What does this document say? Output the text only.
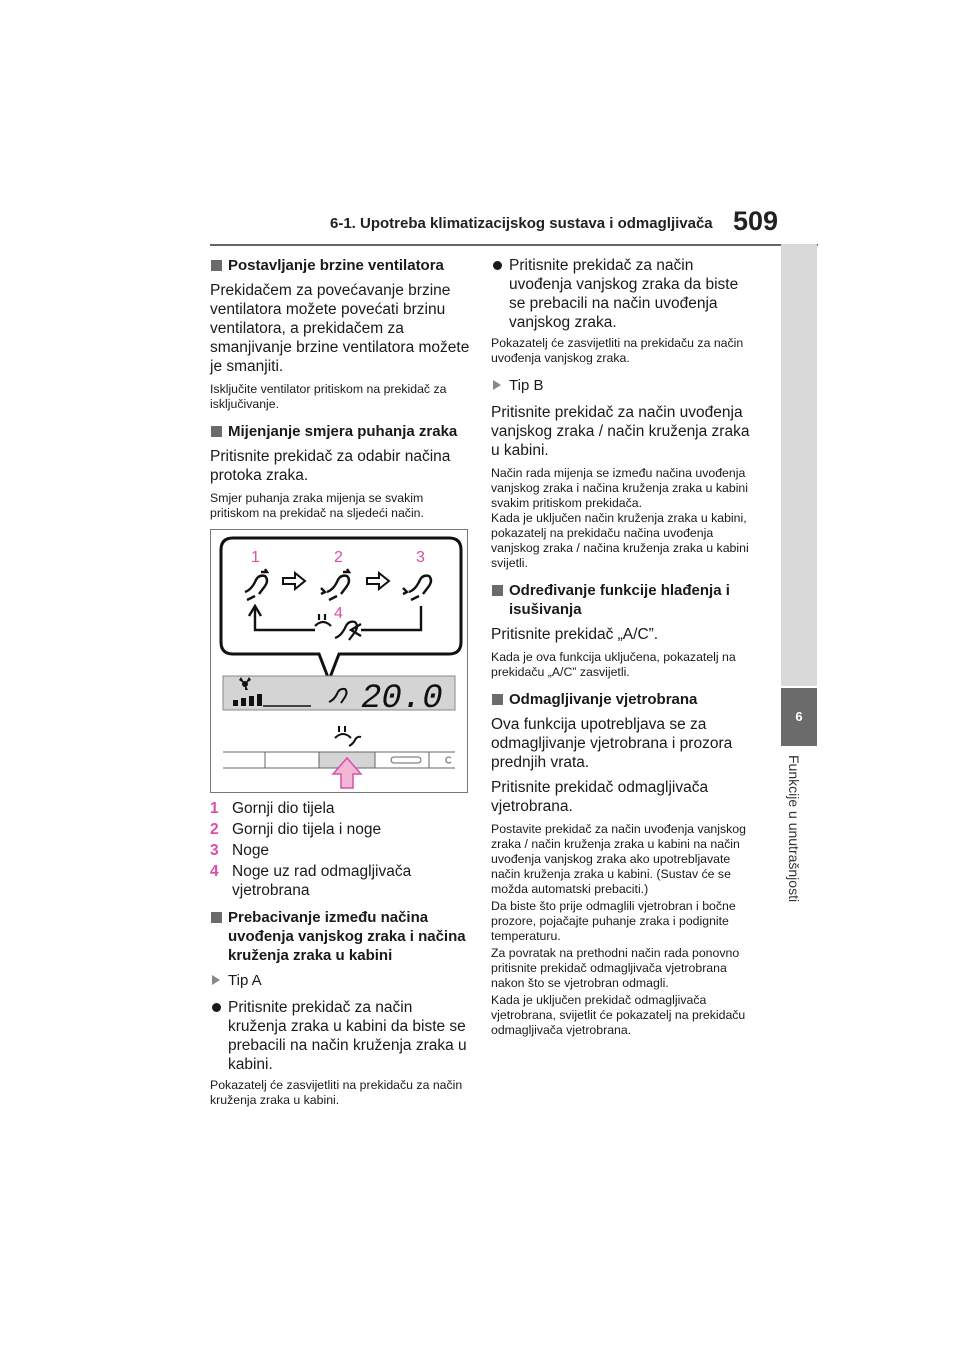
6-1. Upotreba klimatizacijskog sustava i odmagljivača 509
6
Funkcije u unutrašnjosti
Postavljanje brzine ventilatora
Prekidačem za povećavanje brzine ventilatora možete povećati brzinu ventilatora, a prekidačem za smanjivanje brzine ventilatora možete je smanjiti.
Isključite ventilator pritiskom na prekidač za isključivanje.
Mijenjanje smjera puhanja zraka
Pritisnite prekidač za odabir načina protoka zraka.
Smjer puhanja zraka mijenja se svakim pritiskom na prekidač na sljedeći način.
1	2	3
4
20.0
1 Gornji dio tijela
2 Gornji dio tijela i noge
3 Noge
4 Noge uz rad odmagljivača vjetrobrana
Prebacivanje između načina uvođenja vanjskog zraka i načina kruženja zraka u kabini
Tip A
Pritisnite prekidač za način kruženja zraka u kabini da biste se prebacili na način kruženja zraka u kabini.
Pokazatelj će zasvijetliti na prekidaču za način kruženja zraka u kabini.
Pritisnite prekidač za način uvođenja vanjskog zraka da biste se prebacili na način uvođenja vanjskog zraka.
Pokazatelj će zasvijetliti na prekidaču za način uvođenja vanjskog zraka.
Tip B
Pritisnite prekidač za način uvođenja vanjskog zraka / način kruženja zraka u kabini.
Način rada mijenja se između načina uvođenja vanjskog zraka i načina kruženja zraka u kabini svakim pritiskom prekidača.
Kada je uključen način kruženja zraka u kabini, pokazatelj na prekidaču načina uvođenja vanjskog zraka / načina kruženja zraka u kabini svijetli.
Određivanje funkcije hlađenja i isušivanja
Pritisnite prekidač „A/C”.
Kada je ova funkcija uključena, pokazatelj na prekidaču „A/C” zasvijetli.
Odmagljivanje vjetrobrana
Ova funkcija upotrebljava se za odmagljivanje vjetrobrana i prozora prednjih vrata.
Pritisnite prekidač odmagljivača vjetrobrana.
Postavite prekidač za način uvođenja vanjskog zraka / način kruženja zraka u kabini na način uvođenja vanjskog zraka ako upotrebljavate način kruženja zraka u kabini. (Sustav će se možda automatski prebaciti.)
Da biste što prije odmaglili vjetrobran i bočne prozore, pojačajte puhanje zraka i podignite temperaturu.
Za povratak na prethodni način rada ponovno pritisnite prekidač odmagljivača vjetrobrana nakon što se vjetrobran odmagli.
Kada je uključen prekidač odmagljivača vjetrobrana, svijetlit će pokazatelj na prekidaču odmagljivača vjetrobrana.
